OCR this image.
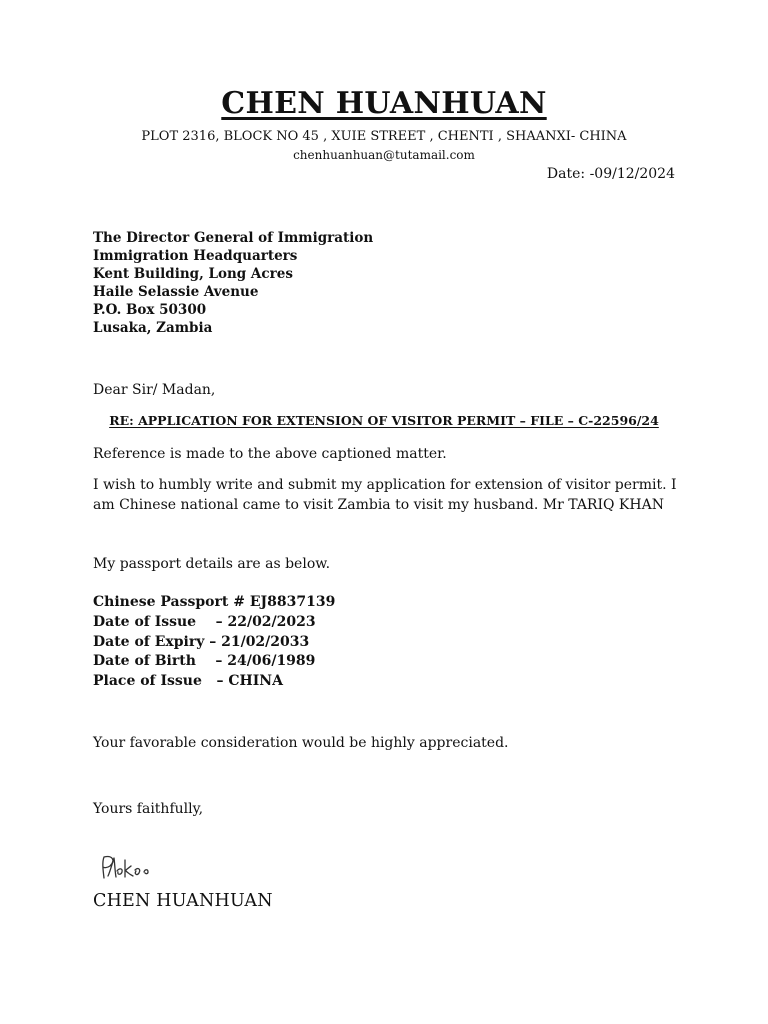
CHEN HUANHUAN
PLOT 2316, BLOCK NO 45 , XUIE STREET , CHENTI , SHAANXI- CHINA
chenhuanhuan@tutamail.com
Date: -09/12/2024
The Director General of Immigration
Immigration Headquarters
Kent Building, Long Acres
Haile Selassie Avenue
P.O. Box 50300
Lusaka, Zambia
Dear Sir/ Madan,
RE: APPLICATION FOR EXTENSION OF VISITOR PERMIT – FILE – C-22596/24
Reference is made to the above captioned matter.
I wish to humbly write and submit my application for extension of visitor permit. I am Chinese national came to visit Zambia to visit my husband. Mr TARIQ KHAN
My passport details are as below.
Chinese Passport # EJ8837139
Date of Issue – 22/02/2023
Date of Expiry – 21/02/2033
Date of Birth – 24/06/1989
Place of Issue – CHINA
Your favorable consideration would be highly appreciated.
Yours faithfully,
CHEN HUANHUAN
